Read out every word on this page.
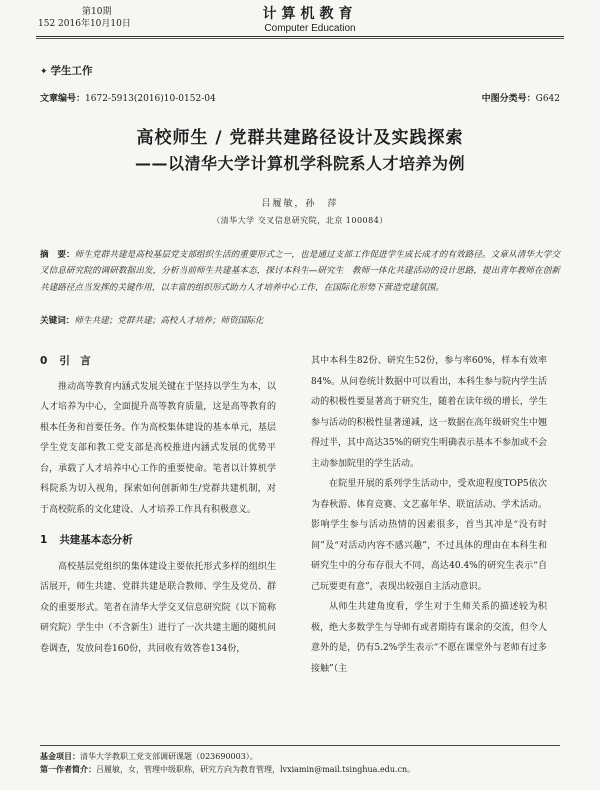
第10期
152 2016年10月10日
计算机教育
Computer Education
✦ 学生工作
文章编号：1672-5913(2016)10-0152-04	中图分类号：G642
高校师生 / 党群共建路径设计及实践探索
——以清华大学计算机学科院系人才培养为例
吕履敏，孙　萍
（清华大学 交叉信息研究院，北京 100084）
摘　要：师生党群共建是高校基层党支部组织生活的重要形式之一，也是通过支部工作促进学生成长成才的有效路径。文章从清华大学交叉信息研究院的调研数据出发，分析当前师生共建基本态，探讨本科生—研究生　教师一体化共建活动的设计思路，提出青年教师在创新共建路径点当发挥的关键作用，以丰富的组织形式助力人才培养中心工作，在国际化形势下营造党建氛围。
关键词：师生共建；党群共建；高校人才培养；师资国际化
0 引　言

推动高等教育内涵式发展关键在于坚持以学生为本，以人才培养为中心，全面提升高等教育质量，这是高等教育的根本任务和首要任务。作为高校集体建设的基本单元，基层学生党支部和教工党支部是高校推进内涵式发展的优势平台，承载了人才培养中心工作的重要使命。笔者以计算机学科院系为切入视角，探索如何创新师生/党群共建机制，对于高校院系的文化建设、人才培养工作具有积极意义。

1 共建基本态分析

高校基层党组织的集体建设主要依托形式多样的组织生活展开，师生共建、党群共建是联合教师、学生及党员、群众的重要形式。笔者在清华大学交叉信息研究院（以下简称研究院）学生中（不含新生）进行了一次共建主题的随机问卷调查，发放问卷160份，共回收有效答卷134份，

其中本科生82份、研究生52份，参与率60%，样本有效率84%。从问卷统计数据中可以看出，本科生参与院内学生活动的积极性要显著高于研究生，随着在读年级的增长，学生参与活动的积极性显著递减，这一数据在高年级研究生中翘得过半，其中高达35%的研究生明确表示基本不参加或不会主动参加院里的学生活动。

在院里开展的系列学生活动中，受欢迎程度TOP5依次为春秋游、体育竞赛、文艺嘉年华、联谊活动、学术活动。影响学生参与活动热情的因素很多，首当其冲是“没有时间”及“对活动内容不感兴趣”，不过具体的理由在本科生和研究生中的分布存很大不同，高达40.4%的研究生表示“自己玩要更有意”，表现出较强自主活动意识。

从师生共建角度看，学生对于生师关系的描述较为积极，绝大多数学生与导师有或者期待有课余的交流，但令人意外的是，仍有5.2%学生表示“不愿在课堂外与老师有过多接触”（主

基金项目：清华大学教职工党支部调研课题（023690003）。
第一作者简介：吕履敏，女，管理中级职称，研究方向为教育管理，lvxiamin@mail.tsinghua.edu.cn。
